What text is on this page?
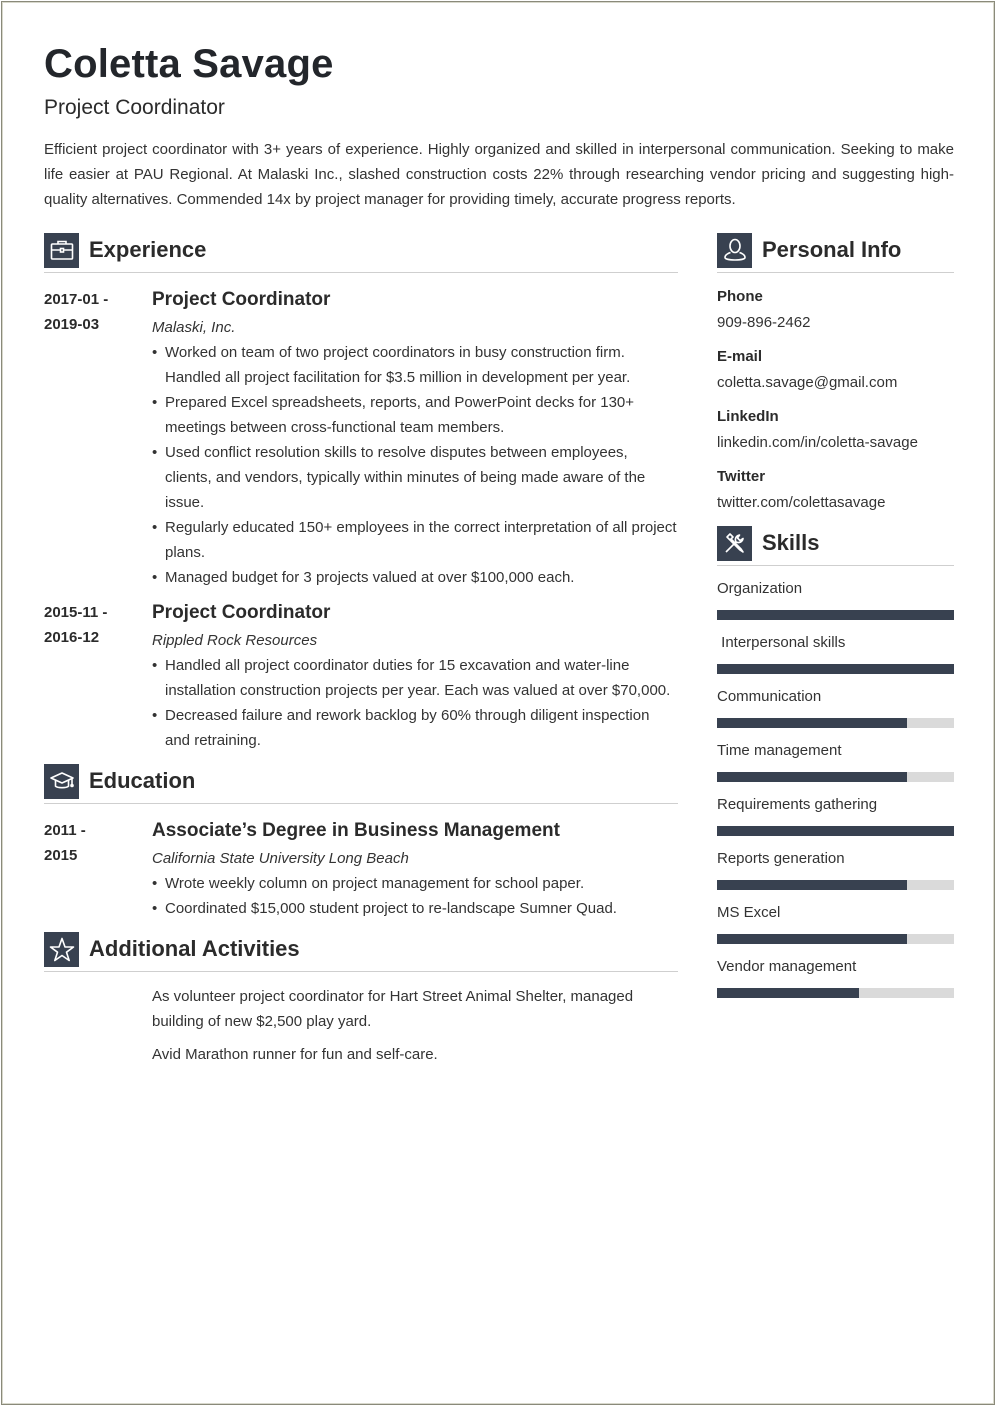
Coletta Savage
Project Coordinator
Efficient project coordinator with 3+ years of experience. Highly organized and skilled in interpersonal communication. Seeking to make life easier at PAU Regional. At Malaski Inc., slashed construction costs 22% through researching vendor pricing and suggesting high-quality alternatives. Commended 14x by project manager for providing timely, accurate progress reports.
Experience
2017-01 -
2019-03
Project Coordinator
Malaski, Inc.
• Worked on team of two project coordinators in busy construction firm. Handled all project facilitation for $3.5 million in development per year.
• Prepared Excel spreadsheets, reports, and PowerPoint decks for 130+ meetings between cross-functional team members.
• Used conflict resolution skills to resolve disputes between employees, clients, and vendors, typically within minutes of being made aware of the issue.
• Regularly educated 150+ employees in the correct interpretation of all project plans.
• Managed budget for 3 projects valued at over $100,000 each.
2015-11 -
2016-12
Project Coordinator
Rippled Rock Resources
• Handled all project coordinator duties for 15 excavation and water-line installation construction projects per year. Each was valued at over $70,000.
• Decreased failure and rework backlog by 60% through diligent inspection and retraining.
Education
2011 -
2015
Associate’s Degree in Business Management
California State University Long Beach
• Wrote weekly column on project management for school paper.
• Coordinated $15,000 student project to re-landscape Sumner Quad.
Additional Activities
As volunteer project coordinator for Hart Street Animal Shelter, managed building of new $2,500 play yard.
Avid Marathon runner for fun and self-care.
Personal Info
Phone
909-896-2462
E-mail
coletta.savage@gmail.com
LinkedIn
linkedin.com/in/coletta-savage
Twitter
twitter.com/colettasavage
Skills
Organization
Interpersonal skills
Communication
Time management
Requirements gathering
Reports generation
MS Excel
Vendor management
